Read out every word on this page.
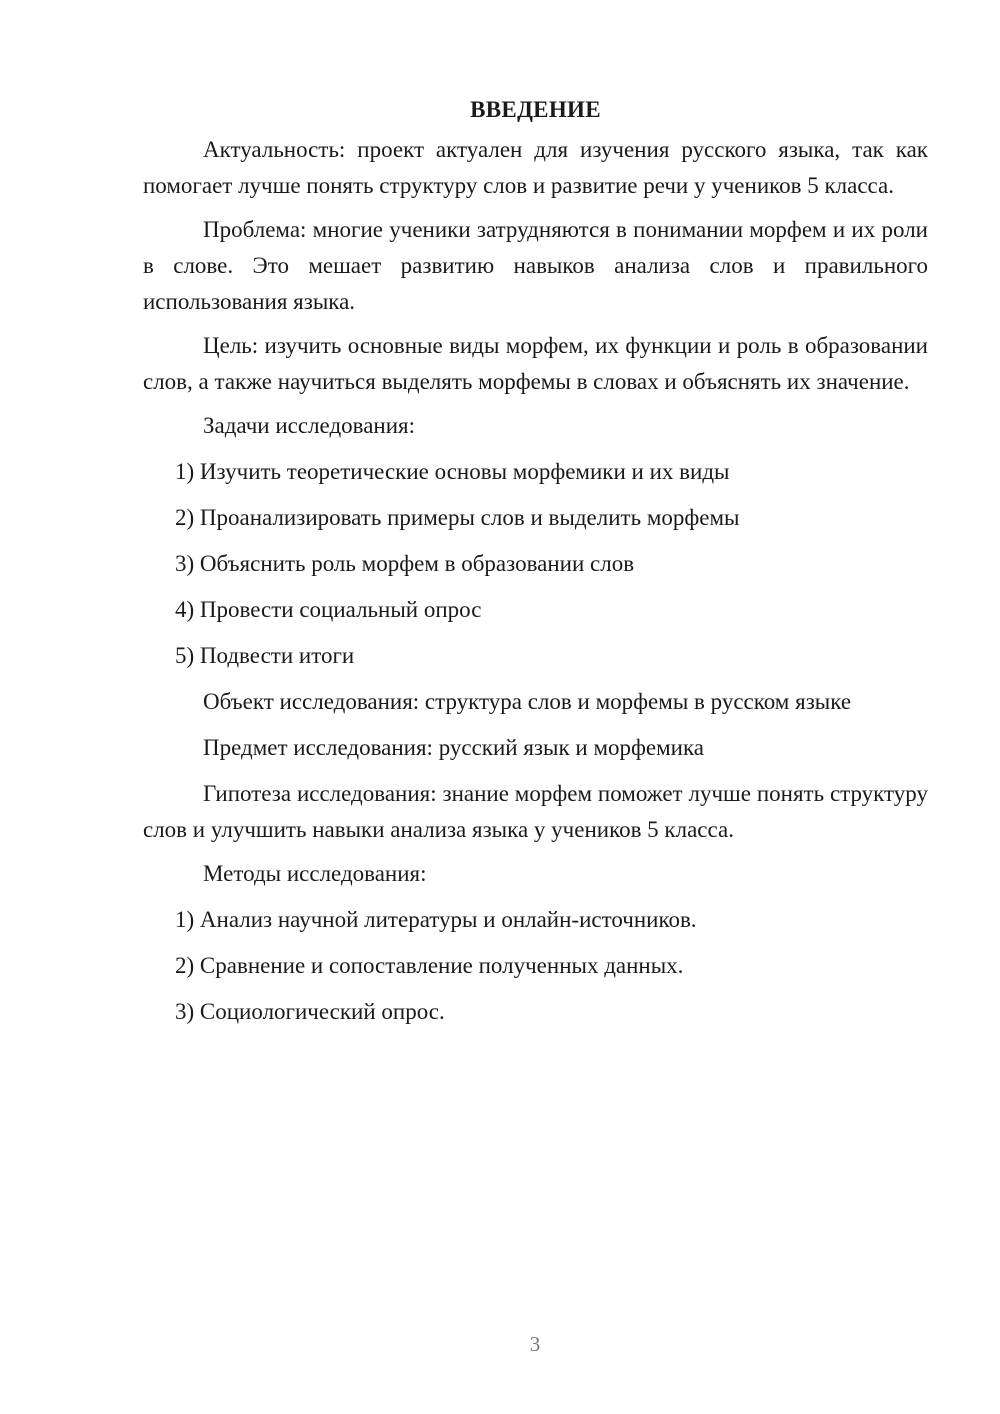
ВВЕДЕНИЕ

Актуальность: проект актуален для изучения русского языка, так как помогает лучше понять структуру слов и развитие речи у учеников 5 класса.

Проблема: многие ученики затрудняются в понимании морфем и их роли в слове. Это мешает развитию навыков анализа слов и правильного использования языка.

Цель: изучить основные виды морфем, их функции и роль в образовании слов, а также научиться выделять морфемы в словах и объяснять их значение.

Задачи исследования:
1) Изучить теоретические основы морфемики и их виды
2) Проанализировать примеры слов и выделить морфемы
3) Объяснить роль морфем в образовании слов
4) Провести социальный опрос
5) Подвести итоги
Объект исследования: структура слов и морфемы в русском языке
Предмет исследования: русский язык и морфемика

Гипотеза исследования: знание морфем поможет лучше понять структуру слов и улучшить навыки анализа языка у учеников 5 класса.

Методы исследования:
1) Анализ научной литературы и онлайн-источников.
2) Сравнение и сопоставление полученных данных.
3) Социологический опрос.
3
